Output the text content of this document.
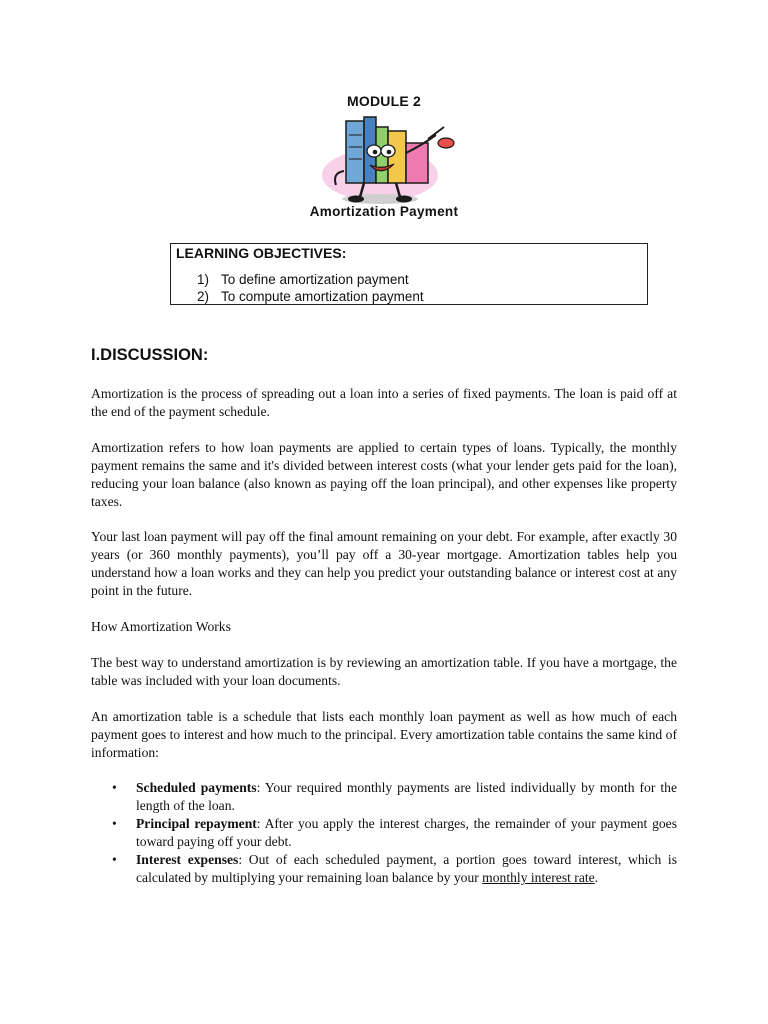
MODULE 2
Amortization Payment
LEARNING OBJECTIVES:
1) To define amortization payment
2) To compute amortization payment
I.DISCUSSION:

Amortization is the process of spreading out a loan into a series of fixed payments. The loan is paid off at the end of the payment schedule.

Amortization refers to how loan payments are applied to certain types of loans. Typically, the monthly payment remains the same and it's divided between interest costs (what your lender gets paid for the loan), reducing your loan balance (also known as paying off the loan principal), and other expenses like property taxes.

Your last loan payment will pay off the final amount remaining on your debt. For example, after exactly 30 years (or 360 monthly payments), you’ll pay off a 30-year mortgage. Amortization tables help you understand how a loan works and they can help you predict your outstanding balance or interest cost at any point in the future.

How Amortization Works

The best way to understand amortization is by reviewing an amortization table. If you have a mortgage, the table was included with your loan documents.

An amortization table is a schedule that lists each monthly loan payment as well as how much of each payment goes to interest and how much to the principal. Every amortization table contains the same kind of information:

• Scheduled payments: Your required monthly payments are listed individually by month for the length of the loan.
• Principal repayment: After you apply the interest charges, the remainder of your payment goes toward paying off your debt.
• Interest expenses: Out of each scheduled payment, a portion goes toward interest, which is calculated by multiplying your remaining loan balance by your monthly interest rate.
